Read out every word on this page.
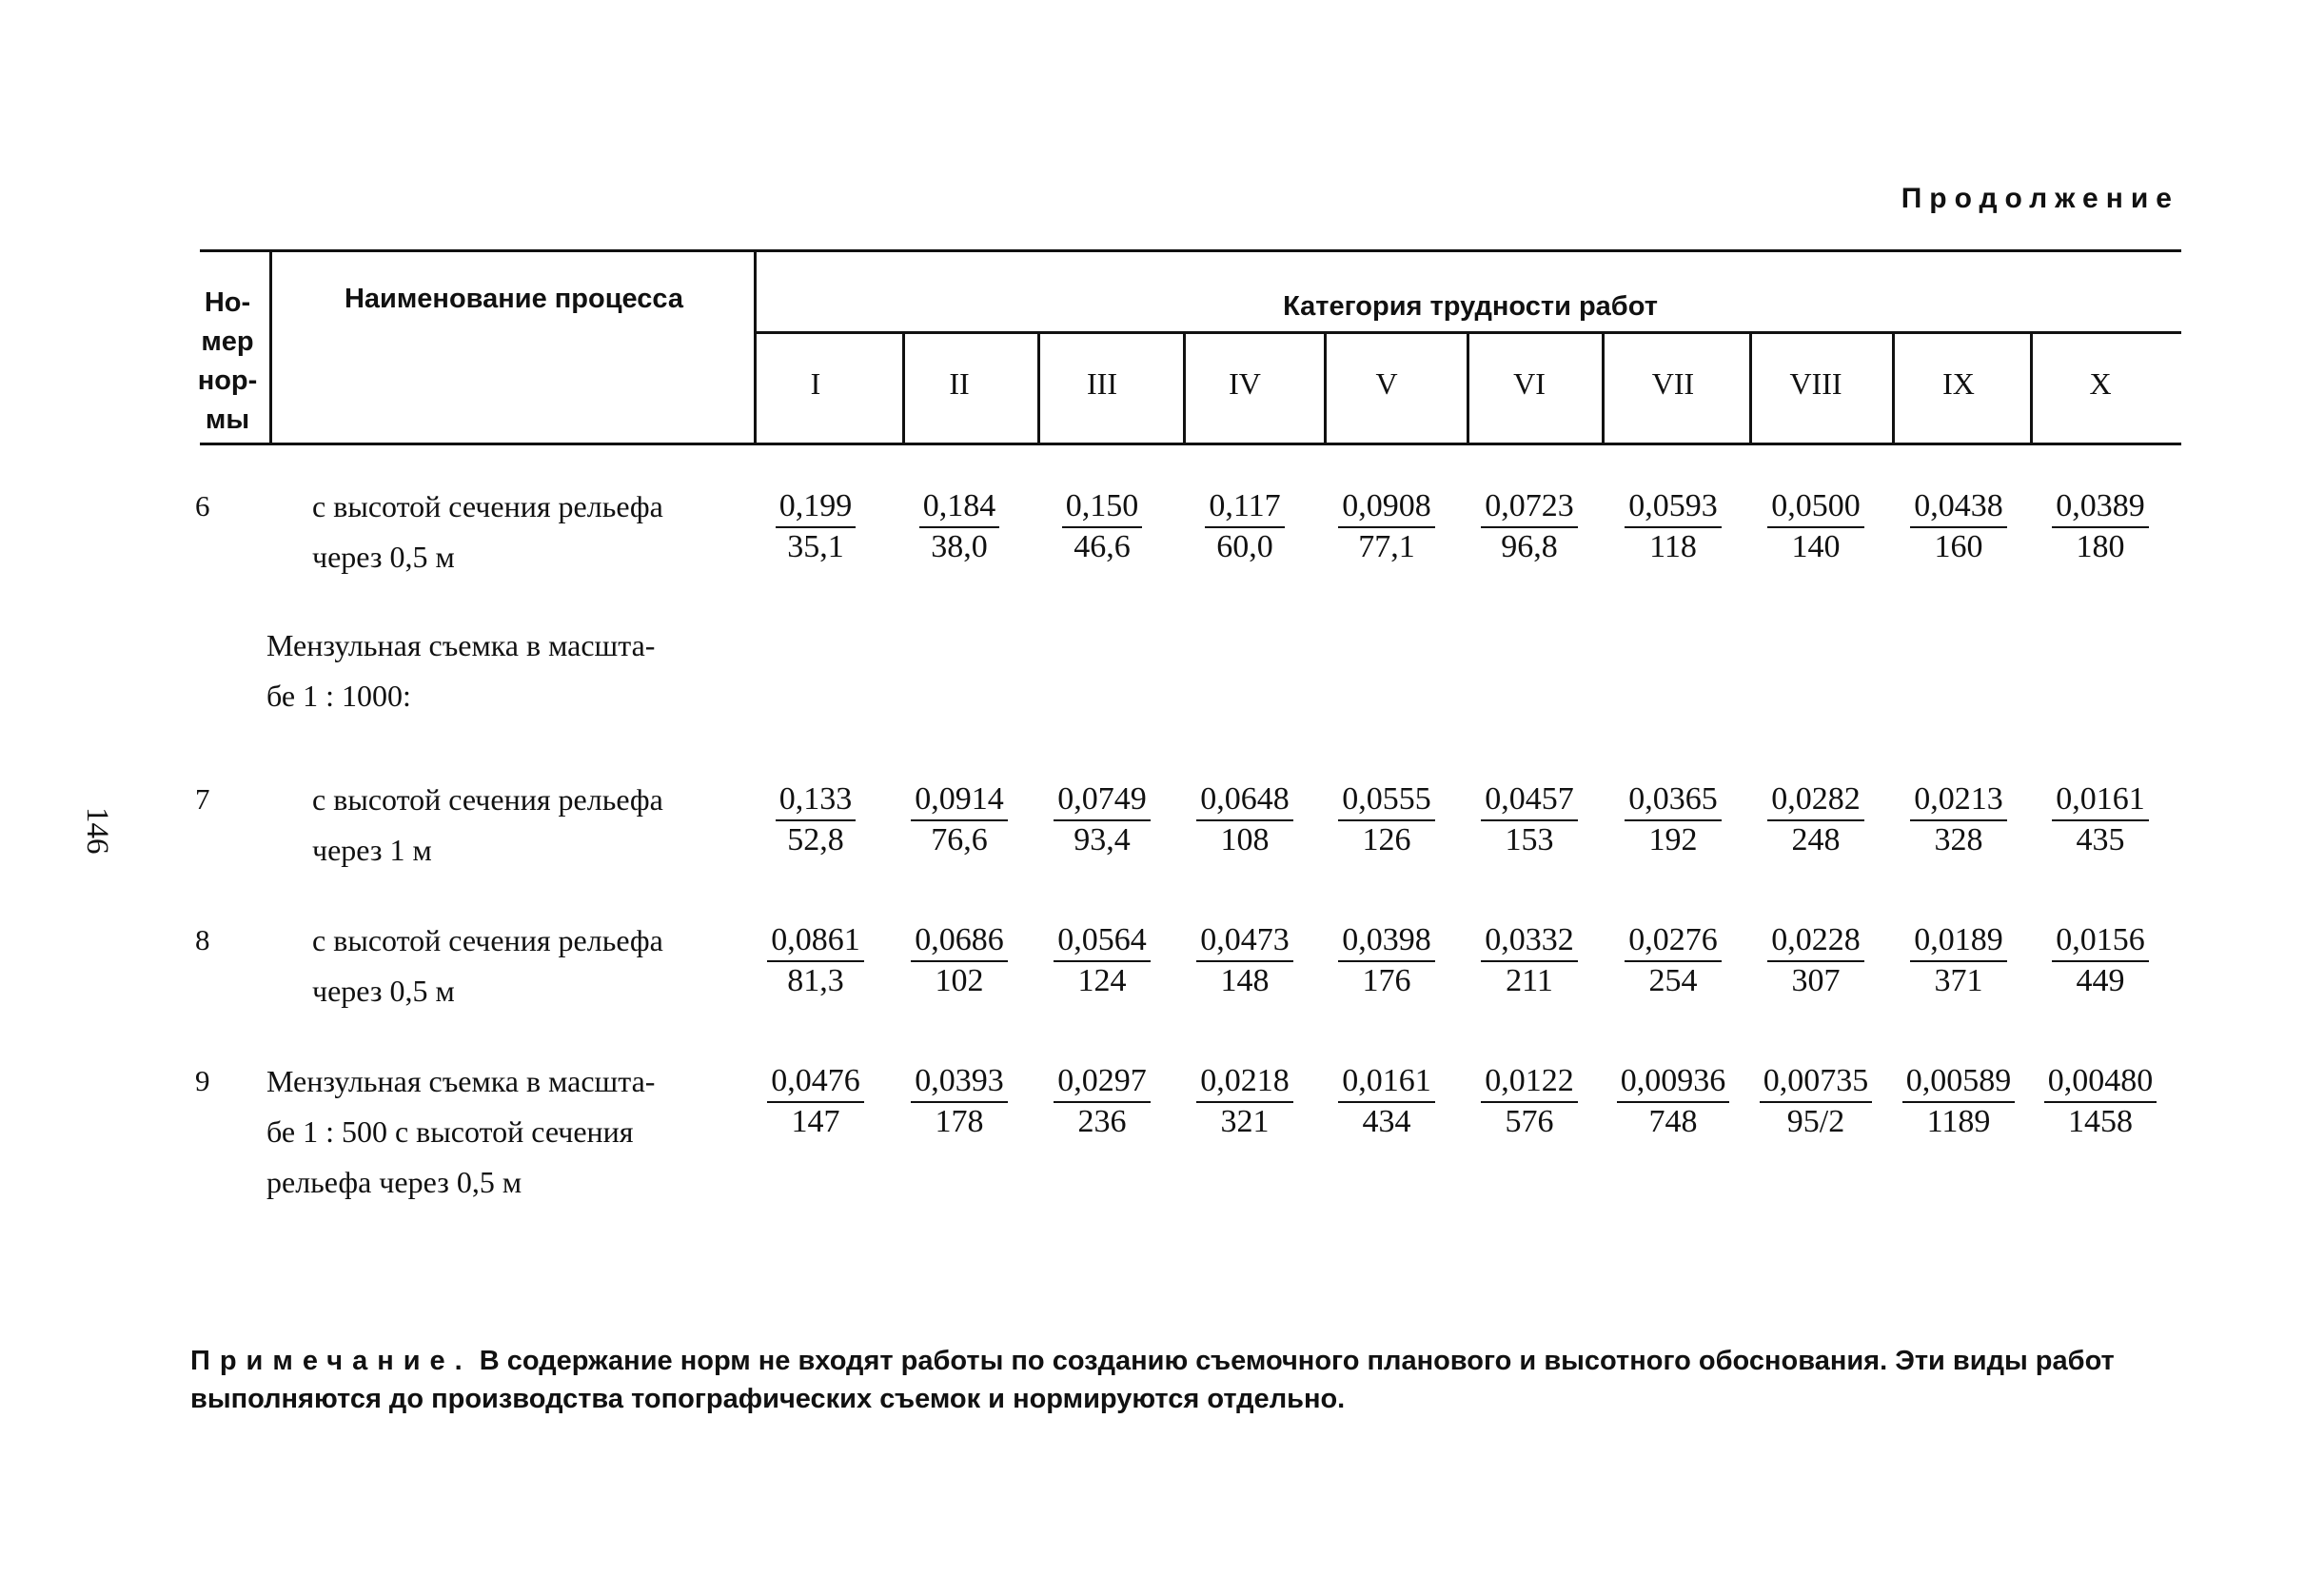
Продолжение
Но-
мер
нор-
мы
Наименование процесса	Категория трудности работ
I	II	III	IV	V	VI	VII	VIII	IX	X
146
6	с высотой сечения рельефа
через 0,5 м	$\frac{0,199}{35,1} \frac{0,184}{38,0} \frac{0,150}{46,6} \frac{0,117}{60,0} \frac{0,0908}{77,1} \frac{0,0723}{96,8} \frac{0,0593}{118} \frac{0,0500}{140} \frac{0,0438}{160} \frac{0,0389}{180}$
Мензульная съемка в масшта-
бе 1 : 1000:
7	с высотой сечения рельефа
через 1 м	$\frac{0,133}{52,8} \frac{0,0914}{76,6} \frac{0,0749}{93,4} \frac{0,0648}{108} \frac{0,0555}{126} \frac{0,0457}{153} \frac{0,0365}{192} \frac{0,0282}{248} \frac{0,0213}{328} \frac{0,0161}{435}$
8	с высотой сечения рельефа
через 0,5 м	$\frac{0,0861}{81,3} \frac{0,0686}{102} \frac{0,0564}{124} \frac{0,0473}{148} \frac{0,0398}{176} \frac{0,0332}{211} \frac{0,0276}{254} \frac{0,0228}{307} \frac{0,0189}{371} \frac{0,0156}{449}$
9 Мензульная съемка в масшта-
бе 1 : 500 с высотой сечения
рельефа через 0,5 м
$\frac{0,0476}{147} \frac{0,0393}{178} \frac{0,0297}{236} \frac{0,0218}{321} \frac{0,0161}{434} \frac{0,0122}{576} \frac{0,00936}{748} \frac{0,00735}{95/2} \frac{0,00589}{1189} \frac{0,00480}{1458}$
Примечание. В содержание норм не входят работы по созданию съемочного планового и высотного обоснования. Эти виды работ выполняются до производства топографических съемок и нормируются отдельно.
